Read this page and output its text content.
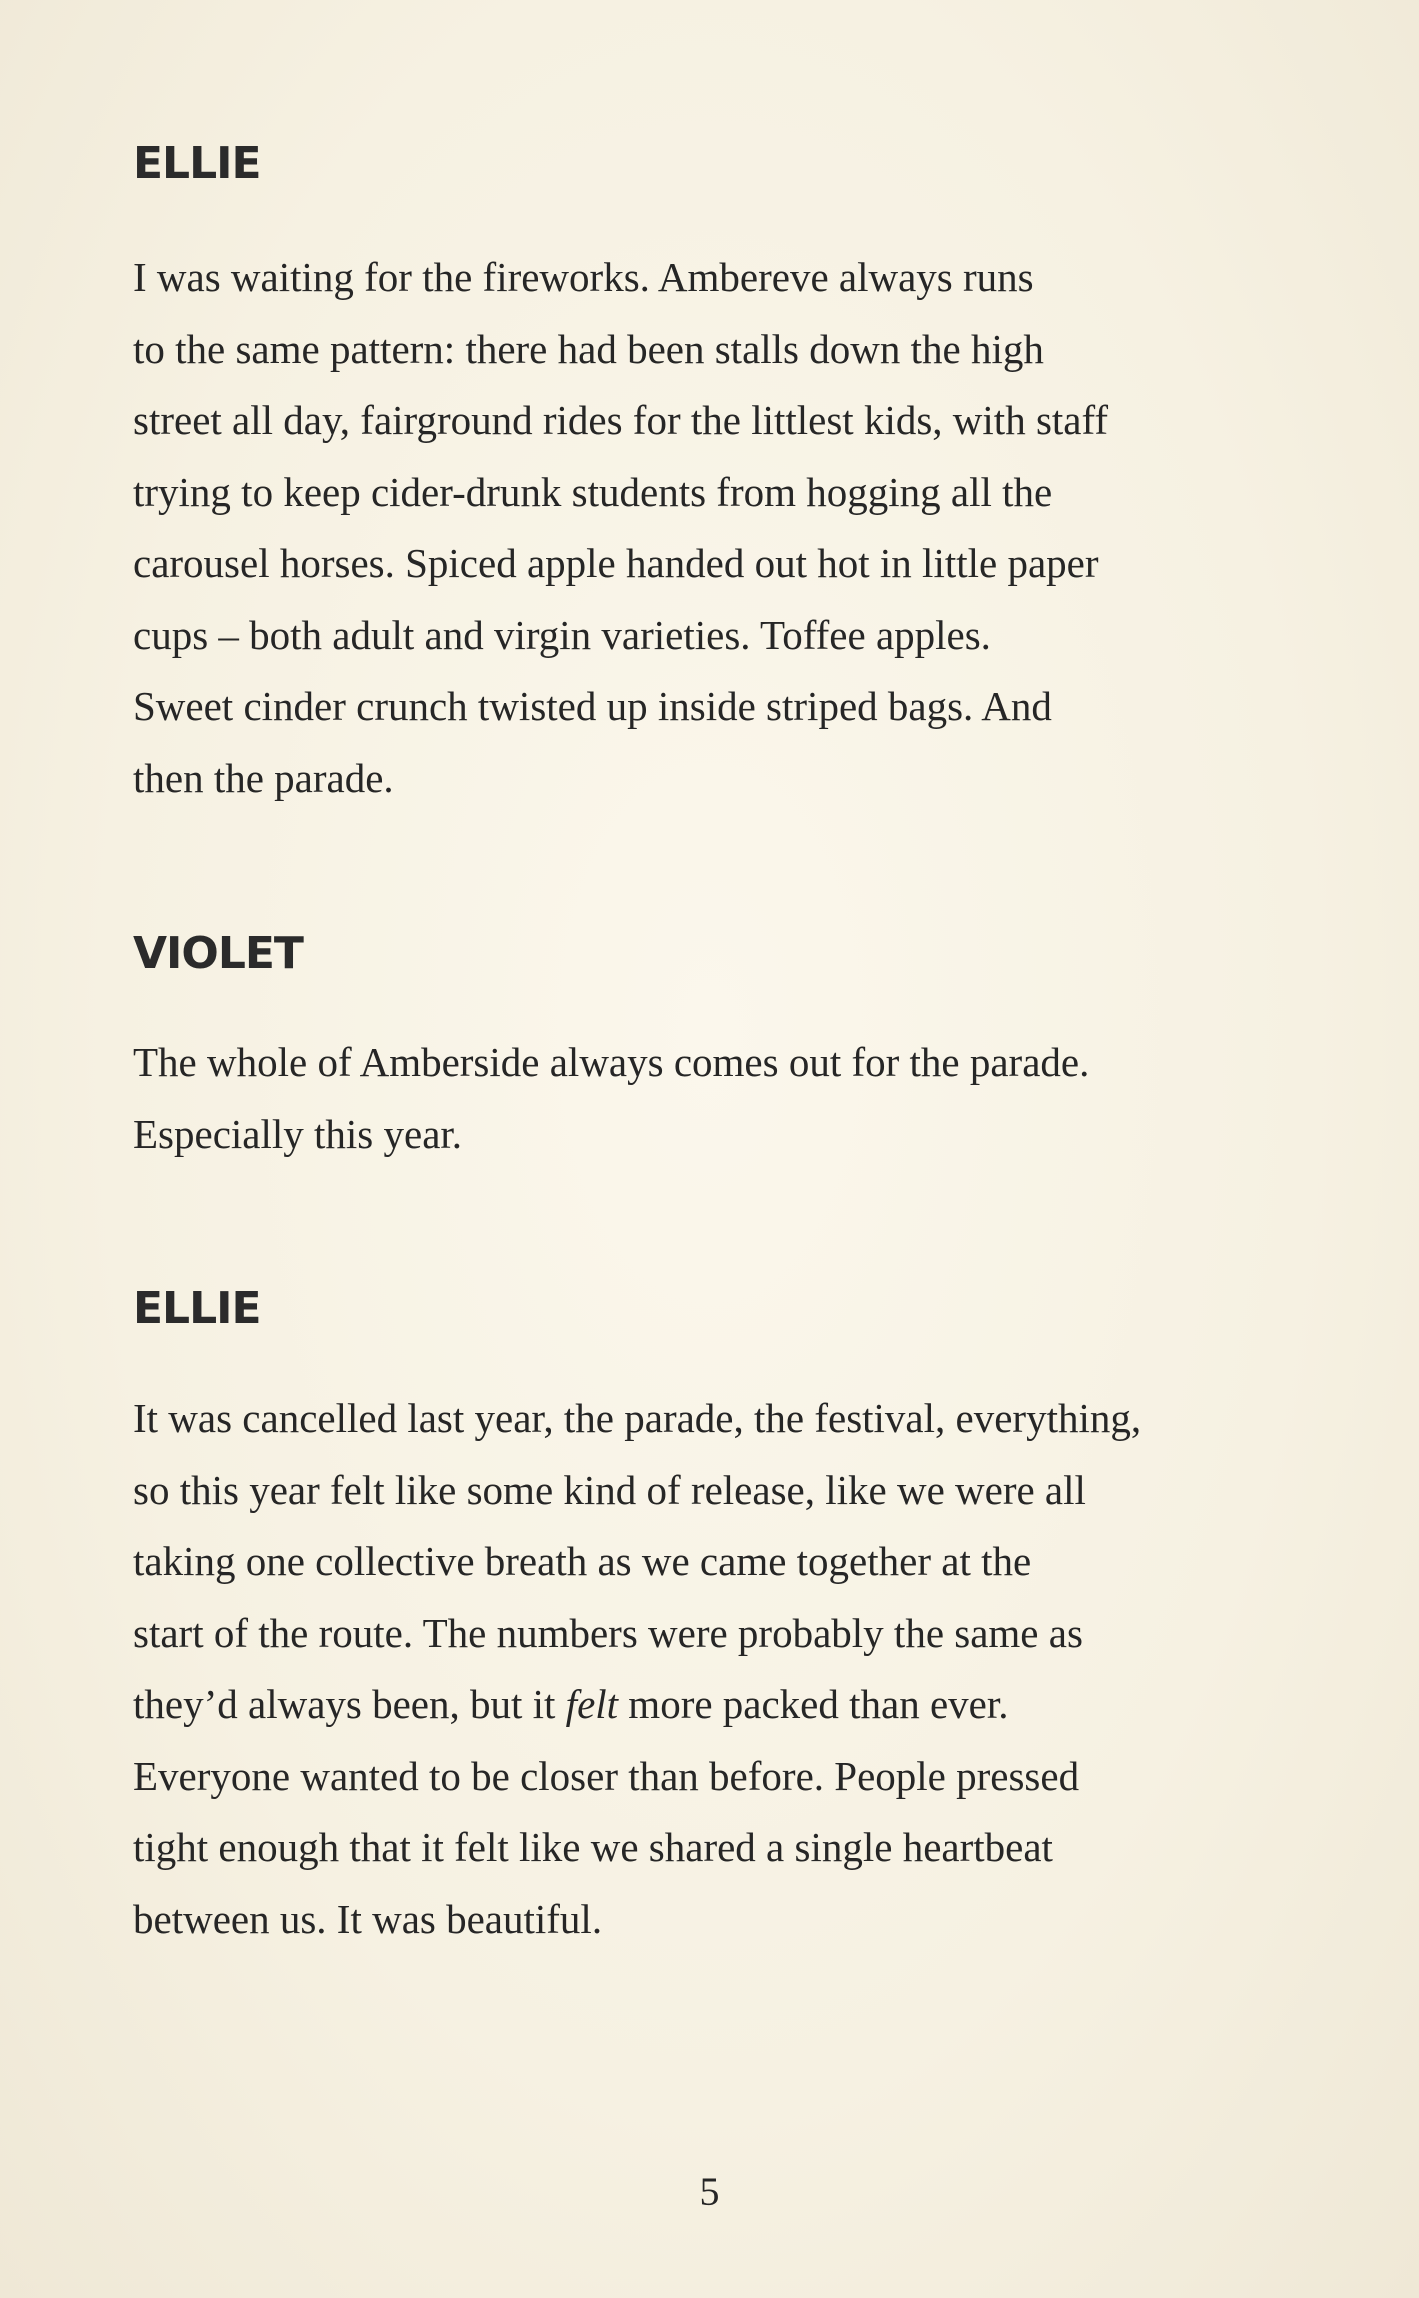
ELLIE

I was waiting for the fireworks. Ambereve always runs
to the same pattern: there had been stalls down the high
street all day, fairground rides for the littlest kids, with staff
trying to keep cider-drunk students from hogging all the
carousel horses. Spiced apple handed out hot in little paper
cups – both adult and virgin varieties. Toffee apples.
Sweet cinder crunch twisted up inside striped bags. And
then the parade.

VIOLET

The whole of Amberside always comes out for the parade.
Especially this year.

ELLIE

It was cancelled last year, the parade, the festival, everything,
so this year felt like some kind of release, like we were all
taking one collective breath as we came together at the
start of the route. The numbers were probably the same as
they’d always been, but it felt more packed than ever.
Everyone wanted to be closer than before. People pressed
tight enough that it felt like we shared a single heartbeat
between us. It was beautiful.

5
